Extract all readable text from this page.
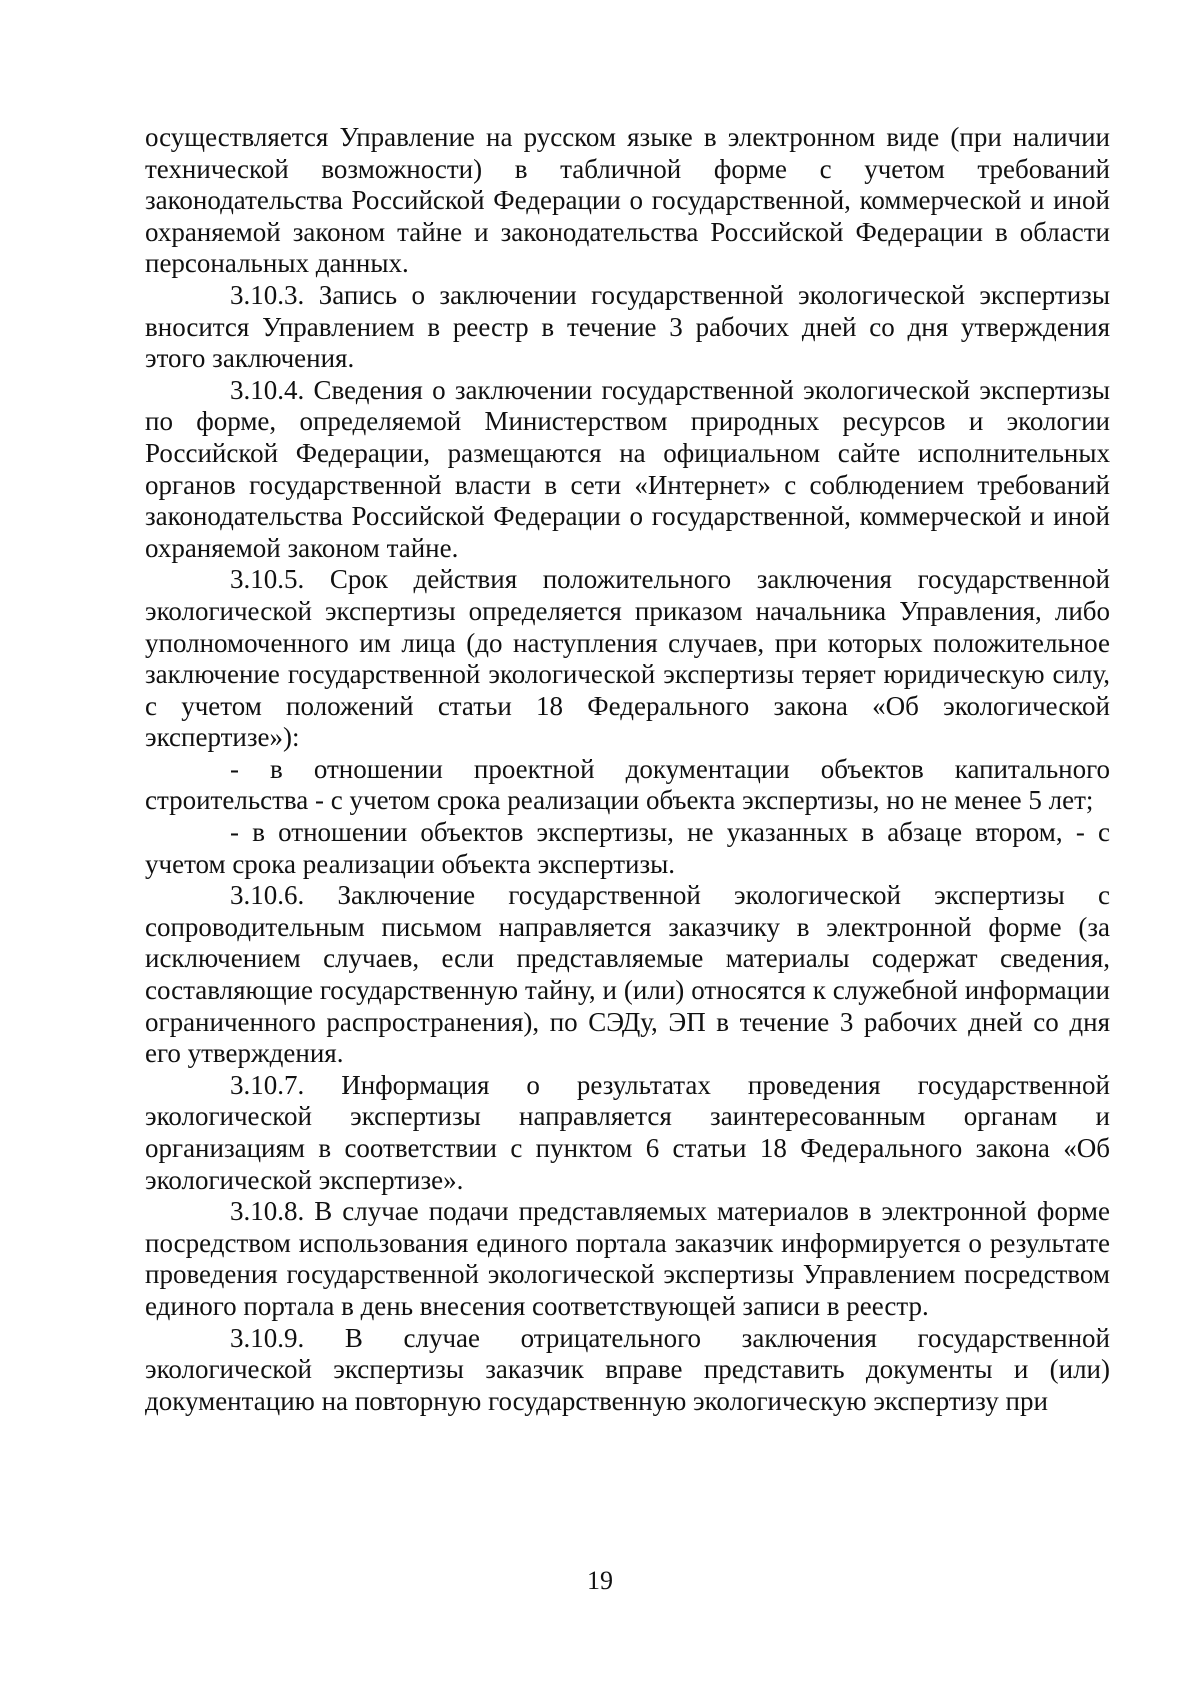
осуществляется Управление на русском языке в электронном виде (при наличии технической возможности) в табличной форме с учетом требований законодательства Российской Федерации о государственной, коммерческой и иной охраняемой законом тайне и законодательства Российской Федерации в области персональных данных.

3.10.3. Запись о заключении государственной экологической экспертизы вносится Управлением в реестр в течение 3 рабочих дней со дня утверждения этого заключения.

3.10.4. Сведения о заключении государственной экологической экспертизы по форме, определяемой Министерством природных ресурсов и экологии Российской Федерации, размещаются на официальном сайте исполнительных органов государственной власти в сети «Интернет» с соблюдением требований законодательства Российской Федерации о государственной, коммерческой и иной охраняемой законом тайне.

3.10.5. Срок действия положительного заключения государственной экологической экспертизы определяется приказом начальника Управления, либо уполномоченного им лица (до наступления случаев, при которых положительное заключение государственной экологической экспертизы теряет юридическую силу, с учетом положений статьи 18 Федерального закона «Об экологической экспертизе»):

- в отношении проектной документации объектов капитального строительства - с учетом срока реализации объекта экспертизы, но не менее 5 лет;

- в отношении объектов экспертизы, не указанных в абзаце втором, - с учетом срока реализации объекта экспертизы.

3.10.6. Заключение государственной экологической экспертизы с сопроводительным письмом направляется заказчику в электронной форме (за исключением случаев, если представляемые материалы содержат сведения, составляющие государственную тайну, и (или) относятся к служебной информации ограниченного распространения), по СЭДу, ЭП в течение 3 рабочих дней со дня его утверждения.

3.10.7. Информация о результатах проведения государственной экологической экспертизы направляется заинтересованным органам и организациям в соответствии с пунктом 6 статьи 18 Федерального закона «Об экологической экспертизе».

3.10.8. В случае подачи представляемых материалов в электронной форме посредством использования единого портала заказчик информируется о результате проведения государственной экологической экспертизы Управлением посредством единого портала в день внесения соответствующей записи в реестр.

3.10.9. В случае отрицательного заключения государственной экологической экспертизы заказчик вправе представить документы и (или) документацию на повторную государственную экологическую экспертизу при

19
